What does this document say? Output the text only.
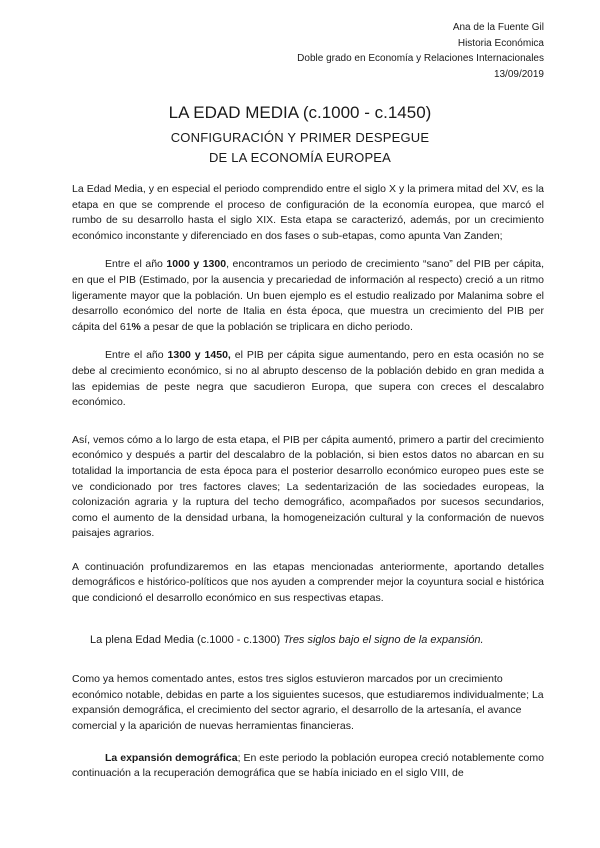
Ana de la Fuente Gil
Historia Económica
Doble grado en Economía y Relaciones Internacionales
13/09/2019
LA EDAD MEDIA (c.1000 - c.1450)
CONFIGURACIÓN Y PRIMER DESPEGUE DE LA ECONOMÍA EUROPEA

La Edad Media, y en especial el periodo comprendido entre el siglo X y la primera mitad del XV, es la etapa en que se comprende el proceso de configuración de la economía europea, que marcó el rumbo de su desarrollo hasta el siglo XIX. Esta etapa se caracterizó, además, por un crecimiento económico inconstante y diferenciado en dos fases o sub-etapas, como apunta Van Zanden;

Entre el año 1000 y 1300, encontramos un periodo de crecimiento “sano” del PIB per cápita, en que el PIB (Estimado, por la ausencia y precariedad de información al respecto) creció a un ritmo ligeramente mayor que la población. Un buen ejemplo es el estudio realizado por Malanima sobre el desarrollo económico del norte de Italia en ésta época, que muestra un crecimiento del PIB per cápita del 61% a pesar de que la población se triplicara en dicho periodo.

Entre el año 1300 y 1450, el PIB per cápita sigue aumentando, pero en esta ocasión no se debe al crecimiento económico, si no al abrupto descenso de la población debido en gran medida a las epidemias de peste negra que sacudieron Europa, que supera con creces el descalabro económico.

Así, vemos cómo a lo largo de esta etapa, el PIB per cápita aumentó, primero a partir del crecimiento económico y después a partir del descalabro de la población, si bien estos datos no abarcan en su totalidad la importancia de esta época para el posterior desarrollo económico europeo pues este se ve condicionado por tres factores claves; La sedentarización de las sociedades europeas, la colonización agraria y la ruptura del techo demográfico, acompañados por sucesos secundarios, como el aumento de la densidad urbana, la homogeneización cultural y la conformación de nuevos paisajes agrarios.

A continuación profundizaremos en las etapas mencionadas anteriormente, aportando detalles demográficos e histórico-políticos que nos ayuden a comprender mejor la coyuntura social e histórica que condicionó el desarrollo económico en sus respectivas etapas.

La plena Edad Media (c.1000 - c.1300) Tres siglos bajo el signo de la expansión.

Como ya hemos comentado antes, estos tres siglos estuvieron marcados por un crecimiento económico notable, debidas en parte a los siguientes sucesos, que estudiaremos individualmente; La expansión demográfica, el crecimiento del sector agrario, el desarrollo de la artesanía, el avance comercial y la aparición de nuevas herramientas financieras.

La expansión demográfica; En este periodo la población europea creció notablemente como continuación a la recuperación demográfica que se había iniciado en el siglo VIII, de
